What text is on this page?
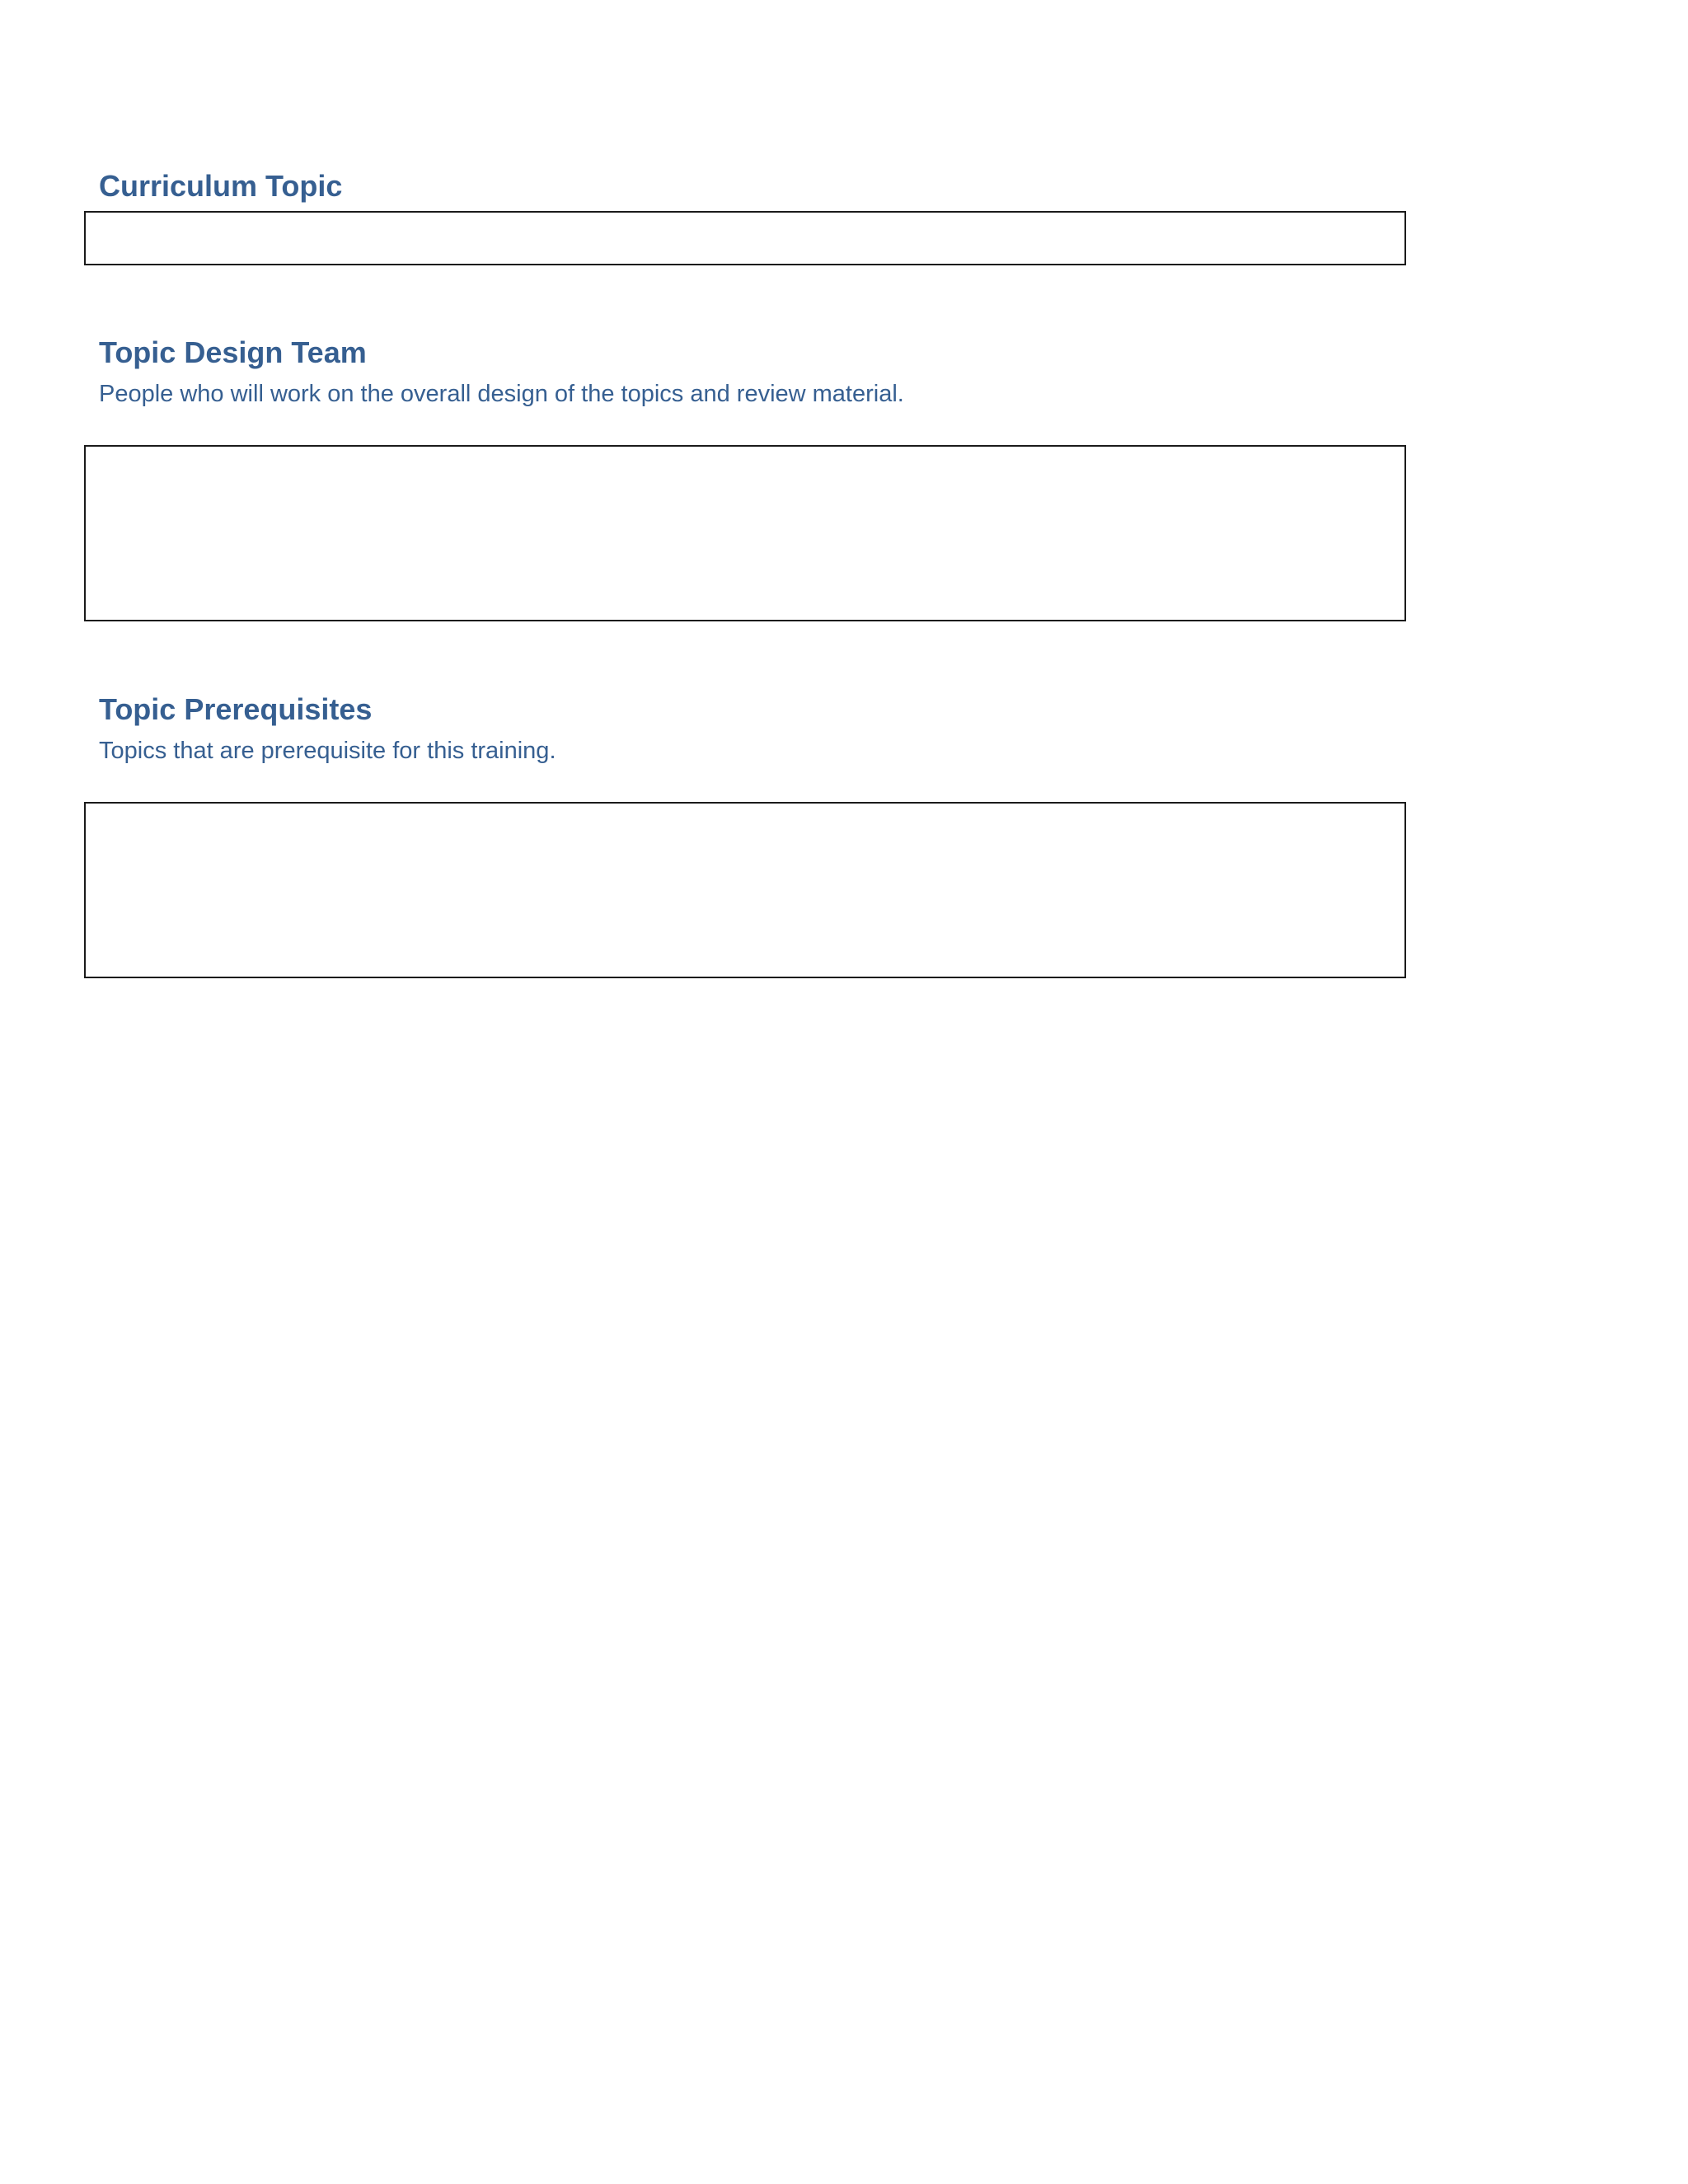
Curriculum Topic
Topic Design Team

People who will work on the overall design of the topics and review material.

Topic Prerequisites

Topics that are prerequisite for this training.
